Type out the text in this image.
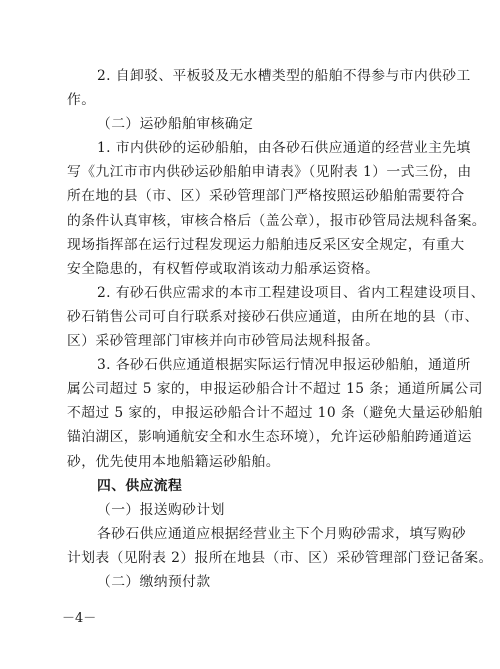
2. 自卸驳、平板驳及无水槽类型的船舶不得参与市内供砂工
作。
（二）运砂船舶审核确定
1. 市内供砂的运砂船舶，由各砂石供应通道的经营业主先填
写《九江市市内供砂运砂船舶申请表》（见附表 1）一式三份，由
所在地的县（市、区）采砂管理部门严格按照运砂船舶需要符合
的条件认真审核，审核合格后（盖公章），报市砂管局法规科备案。
现场指挥部在运行过程发现运力船舶违反采区安全规定，有重大
安全隐患的，有权暂停或取消该动力船承运资格。
2. 有砂石供应需求的本市工程建设项目、省内工程建设项目、
砂石销售公司可自行联系对接砂石供应通道，由所在地的县（市、
区）采砂管理部门审核并向市砂管局法规科报备。
3. 各砂石供应通道根据实际运行情况申报运砂船舶，通道所
属公司超过 5 家的，申报运砂船合计不超过 15 条；通道所属公司
不超过 5 家的，申报运砂船合计不超过 10 条（避免大量运砂船舶
锚泊湖区，影响通航安全和水生态环境），允许运砂船舶跨通道运
砂，优先使用本地船籍运砂船舶。
四、供应流程
（一）报送购砂计划
各砂石供应通道应根据经营业主下个月购砂需求，填写购砂
计划表（见附表 2）报所在地县（市、区）采砂管理部门登记备案。
（二）缴纳预付款
－4－
